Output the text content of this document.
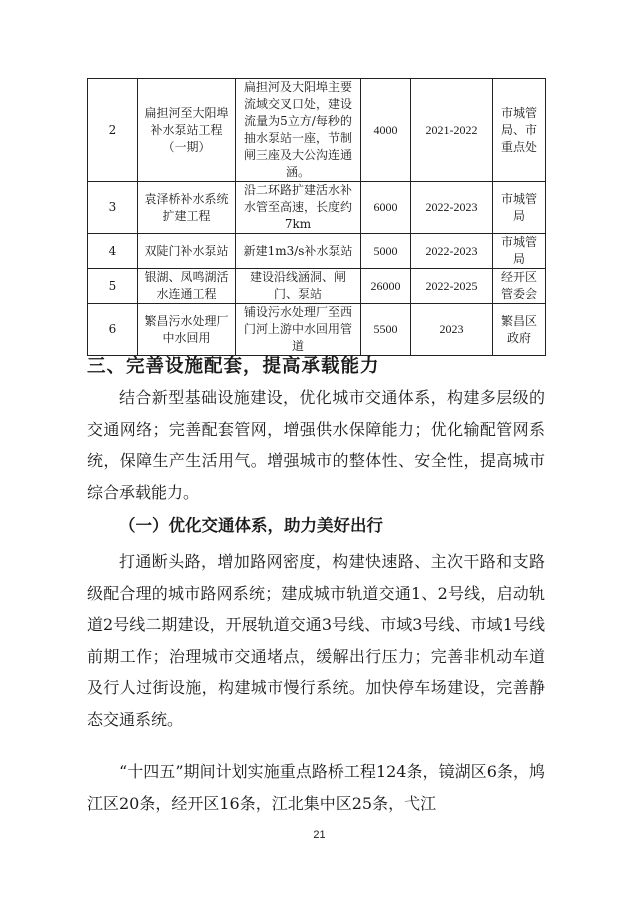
2	扁担河至大阳埠补水泵站工程（一期）	扁担河及大阳埠主要流域交叉口处，建设流量为5立方/每秒的抽水泵站一座，节制闸三座及大公沟连通涵。	4000	2021-2022	市城管局、市重点处
3	袁泽桥补水系统扩建工程	沿二环路扩建活水补水管至高速，长度约7km	6000	2022-2023	市城管局
4	双陡门补水泵站	新建1m3/s补水泵站	5000	2022-2023	市城管局
5	银湖、凤鸣湖活水连通工程	建设沿线涵洞、闸门、泵站	26000	2022-2025	经开区管委会
6	繁昌污水处理厂中水回用	铺设污水处理厂至西门河上游中水回用管道	5500	2023	繁昌区政府
三、完善设施配套，提高承载能力
结合新型基础设施建设，优化城市交通体系，构建多层级的交通网络；完善配套管网，增强供水保障能力；优化输配管网系统，保障生产生活用气。增强城市的整体性、安全性，提高城市综合承载能力。
（一）优化交通体系，助力美好出行
打通断头路，增加路网密度，构建快速路、主次干路和支路级配合理的城市路网系统；建成城市轨道交通1、2号线，启动轨道2号线二期建设，开展轨道交通3号线、市域3号线、市域1号线前期工作；治理城市交通堵点，缓解出行压力；完善非机动车道及行人过街设施，构建城市慢行系统。加快停车场建设，完善静态交通系统。
“十四五”期间计划实施重点路桥工程124条，镜湖区6条，鸠江区20条，经开区16条，江北集中区25条，弋江
21
